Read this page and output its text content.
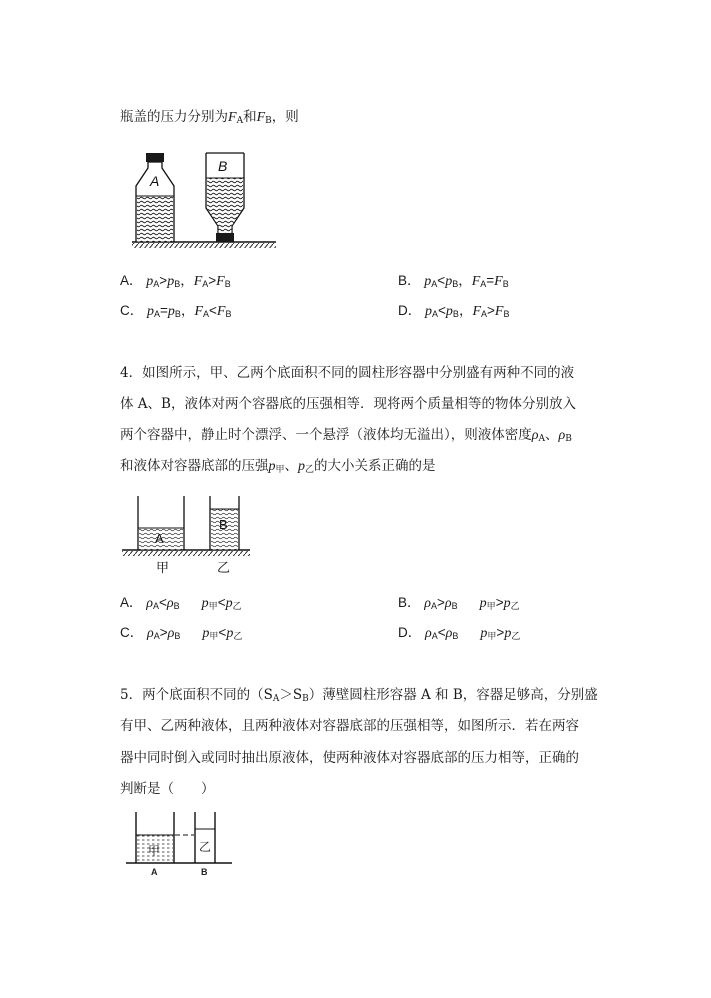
瓶盖的压力分别为$F_A$和$F_B$，则
A
B
A． $p_A>p_B$，$F_A>F_B$	B． $p_A<p_B$，$F_A=F_B$
C． $p_A=p_B$，$F_A<F_B$	D． $p_A<p_B$，$F_A>F_B$
4．如图所示，甲、乙两个底面积不同的圆柱形容器中分别盛有两种不同的液
体 A、B，液体对两个容器底的压强相等．现将两个质量相等的物体分别放入
两个容器中，静止时个漂浮、一个悬浮（液体均无溢出），则液体密度$\rho_A$、$\rho_B$
和液体对容器底部的压强$p_甲$、$p_乙$的大小关系正确的是
A
B
甲	乙
A． $\rho_A<\rho_B$ $p_甲<p_乙$	B． $\rho_A>\rho_B$ $p_甲>p_乙$
C． $\rho_A>\rho_B$ $p_甲<p_乙$	D． $\rho_A<\rho_B$ $p_甲>p_乙$
5．两个底面积不同的$(S_A>S_B)$薄壁圆柱形容器 A 和 B，容器足够高，分别盛
有甲、乙两种液体，且两种液体对容器底部的压强相等，如图所示．若在两容
器中同时倒入或同时抽出原液体，使两种液体对容器底部的压力相等，正确的
判断是（　　）
甲	乙
A	B
